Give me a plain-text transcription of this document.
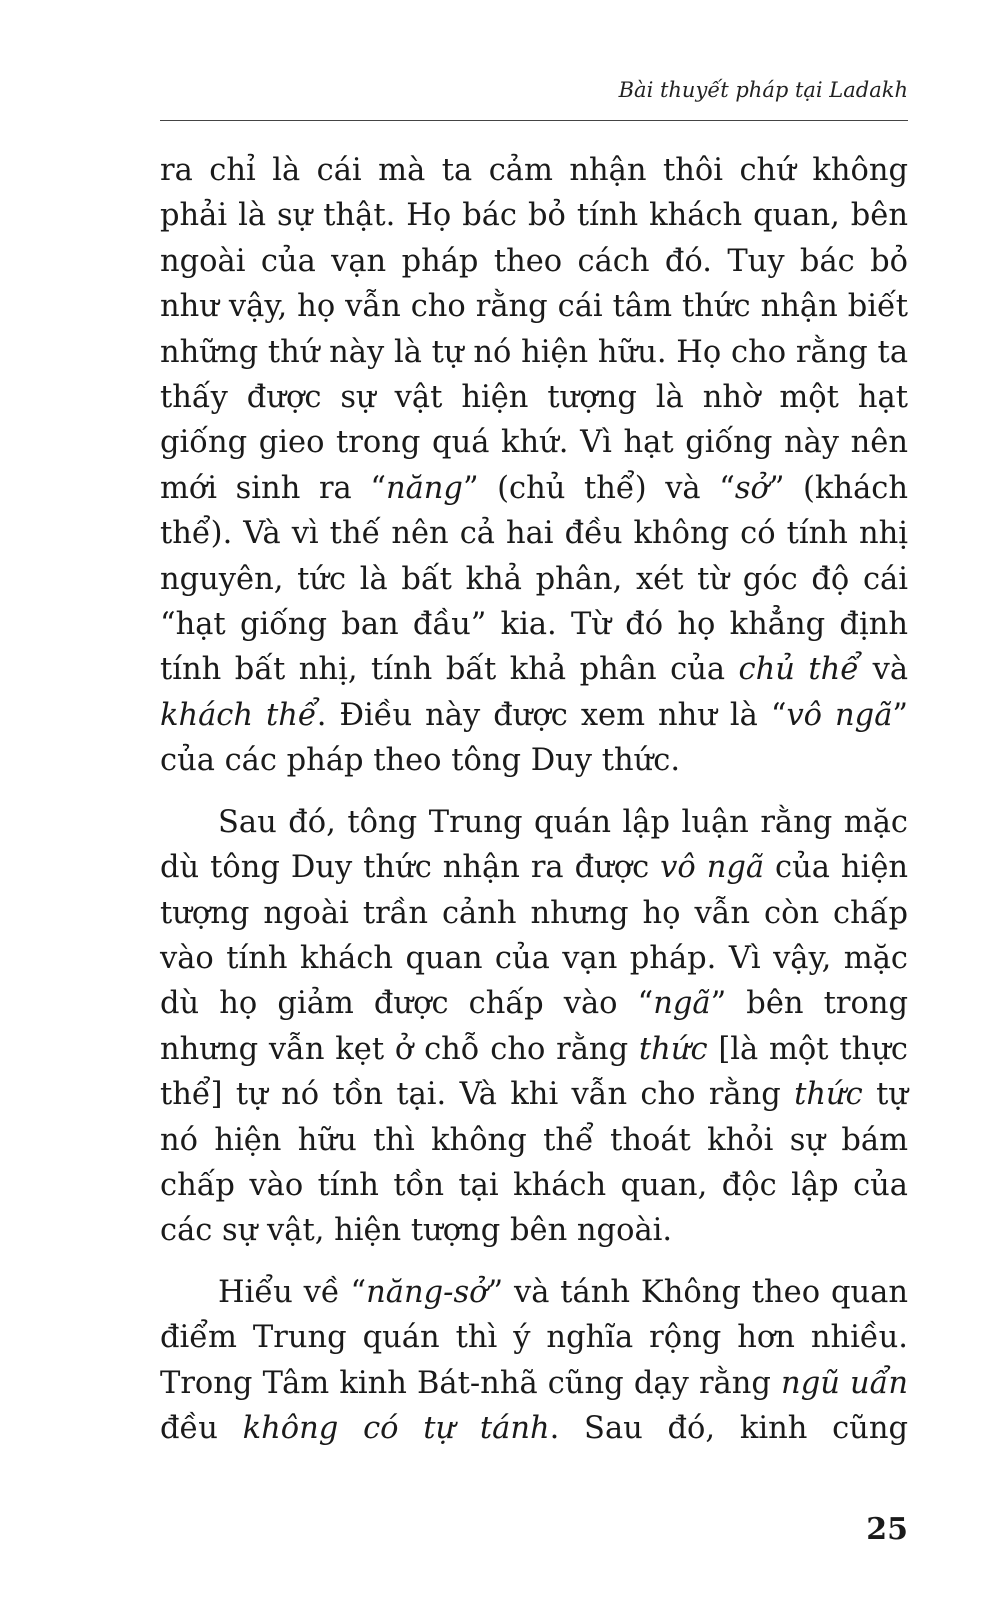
Bài thuyết pháp tại Ladakh

ra chỉ là cái mà ta cảm nhận thôi chứ không phải là sự thật. Họ bác bỏ tính khách quan, bên ngoài của vạn pháp theo cách đó. Tuy bác bỏ như vậy, họ vẫn cho rằng cái tâm thức nhận biết những thứ này là tự nó hiện hữu. Họ cho rằng ta thấy được sự vật hiện tượng là nhờ một hạt giống gieo trong quá khứ. Vì hạt giống này nên mới sinh ra “năng” (chủ thể) và “sở” (khách thể). Và vì thế nên cả hai đều không có tính nhị nguyên, tức là bất khả phân, xét từ góc độ cái “hạt giống ban đầu” kia. Từ đó họ khẳng định tính bất nhị, tính bất khả phân của chủ thể và khách thể. Điều này được xem như là “vô ngã” của các pháp theo tông Duy thức.

Sau đó, tông Trung quán lập luận rằng mặc dù tông Duy thức nhận ra được vô ngã của hiện tượng ngoài trần cảnh nhưng họ vẫn còn chấp vào tính khách quan của vạn pháp. Vì vậy, mặc dù họ giảm được chấp vào “ngã” bên trong nhưng vẫn kẹt ở chỗ cho rằng thức [là một thực thể] tự nó tồn tại. Và khi vẫn cho rằng thức tự nó hiện hữu thì không thể thoát khỏi sự bám chấp vào tính tồn tại khách quan, độc lập của các sự vật, hiện tượng bên ngoài.

Hiểu về “năng-sở” và tánh Không theo quan điểm Trung quán thì ý nghĩa rộng hơn nhiều. Trong Tâm kinh Bát-nhã cũng dạy rằng ngũ uẩn đều không có tự tánh. Sau đó, kinh cũng

25
